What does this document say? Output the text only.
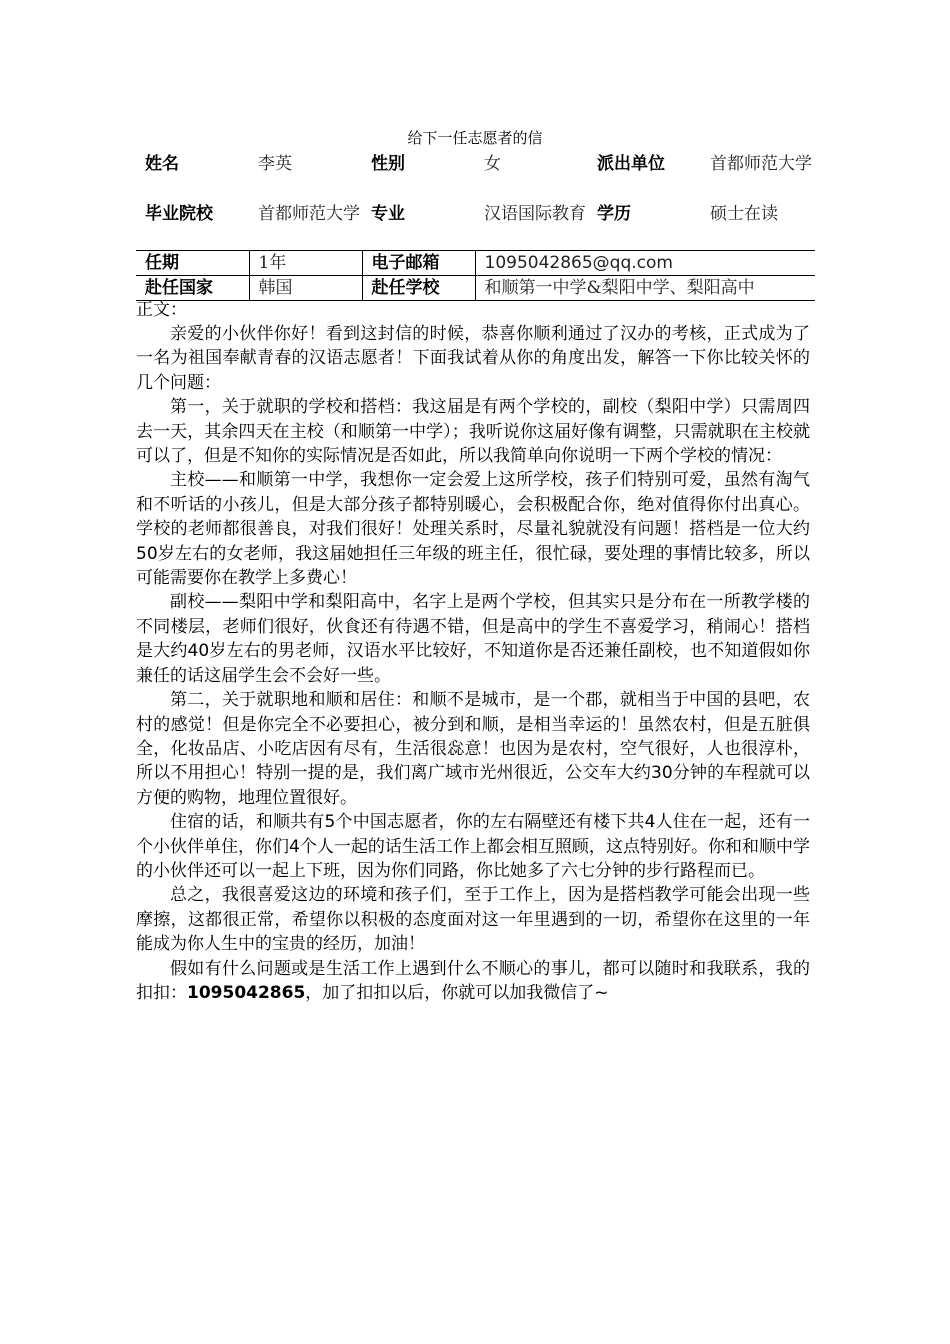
给下一任志愿者的信
姓名	李英	性别	女	派出单位	首都师范大学
毕业院校	首都师范大学	专业	汉语国际教育	学历	硕士在读
任期	1年	电子邮箱	1095042865@qq.com		
赴任国家	韩国	赴任学校	和顺第一中学&梨阳中学、梨阳高中		
正文：

亲爱的小伙伴你好！看到这封信的时候，恭喜你顺利通过了汉办的考核，正式成为了一名为祖国奉献青春的汉语志愿者！下面我试着从你的角度出发，解答一下你比较关怀的几个问题：

第一，关于就职的学校和搭档：我这届是有两个学校的，副校（梨阳中学）只需周四去一天，其余四天在主校（和顺第一中学）；我听说你这届好像有调整，只需就职在主校就可以了，但是不知你的实际情况是否如此，所以我简单向你说明一下两个学校的情况：

主校——和顺第一中学，我想你一定会爱上这所学校，孩子们特别可爱，虽然有淘气和不听话的小孩儿，但是大部分孩子都特别暖心，会积极配合你，绝对值得你付出真心。学校的老师都很善良，对我们很好！处理关系时，尽量礼貌就没有问题！搭档是一位大约50岁左右的女老师，我这届她担任三年级的班主任，很忙碌，要处理的事情比较多，所以可能需要你在教学上多费心！

副校——梨阳中学和梨阳高中，名字上是两个学校，但其实只是分布在一所教学楼的不同楼层，老师们很好，伙食还有待遇不错，但是高中的学生不喜爱学习，稍闹心！搭档是大约40岁左右的男老师，汉语水平比较好，不知道你是否还兼任副校，也不知道假如你兼任的话这届学生会不会好一些。

第二，关于就职地和顺和居住：和顺不是城市，是一个郡，就相当于中国的县吧，农村的感觉！但是你完全不必要担心，被分到和顺，是相当幸运的！虽然农村，但是五脏俱全，化妆品店、小吃店因有尽有，生活很惢意！也因为是农村，空气很好，人也很淳朴，所以不用担心！特别一提的是，我们离广域市光州很近，公交车大约30分钟的车程就可以方便的购物，地理位置很好。

住宿的话，和顺共有5个中国志愿者，你的左右隔壁还有楼下共4人住在一起，还有一个小伙伴单住，你们4个人一起的话生活工作上都会相互照顾，这点特别好。你和和顺中学的小伙伴还可以一起上下班，因为你们同路，你比她多了六七分钟的步行路程而已。

总之，我很喜爱这边的环境和孩子们，至于工作上，因为是搭档教学可能会出现一些摩擦，这都很正常，希望你以积极的态度面对这一年里遇到的一切，希望你在这里的一年能成为你人生中的宝贵的经历，加油！

假如有什么问题或是生活工作上遇到什么不顺心的事儿，都可以随时和我联系，我的扣扣：1095042865，加了扣扣以后，你就可以加我微信了~
